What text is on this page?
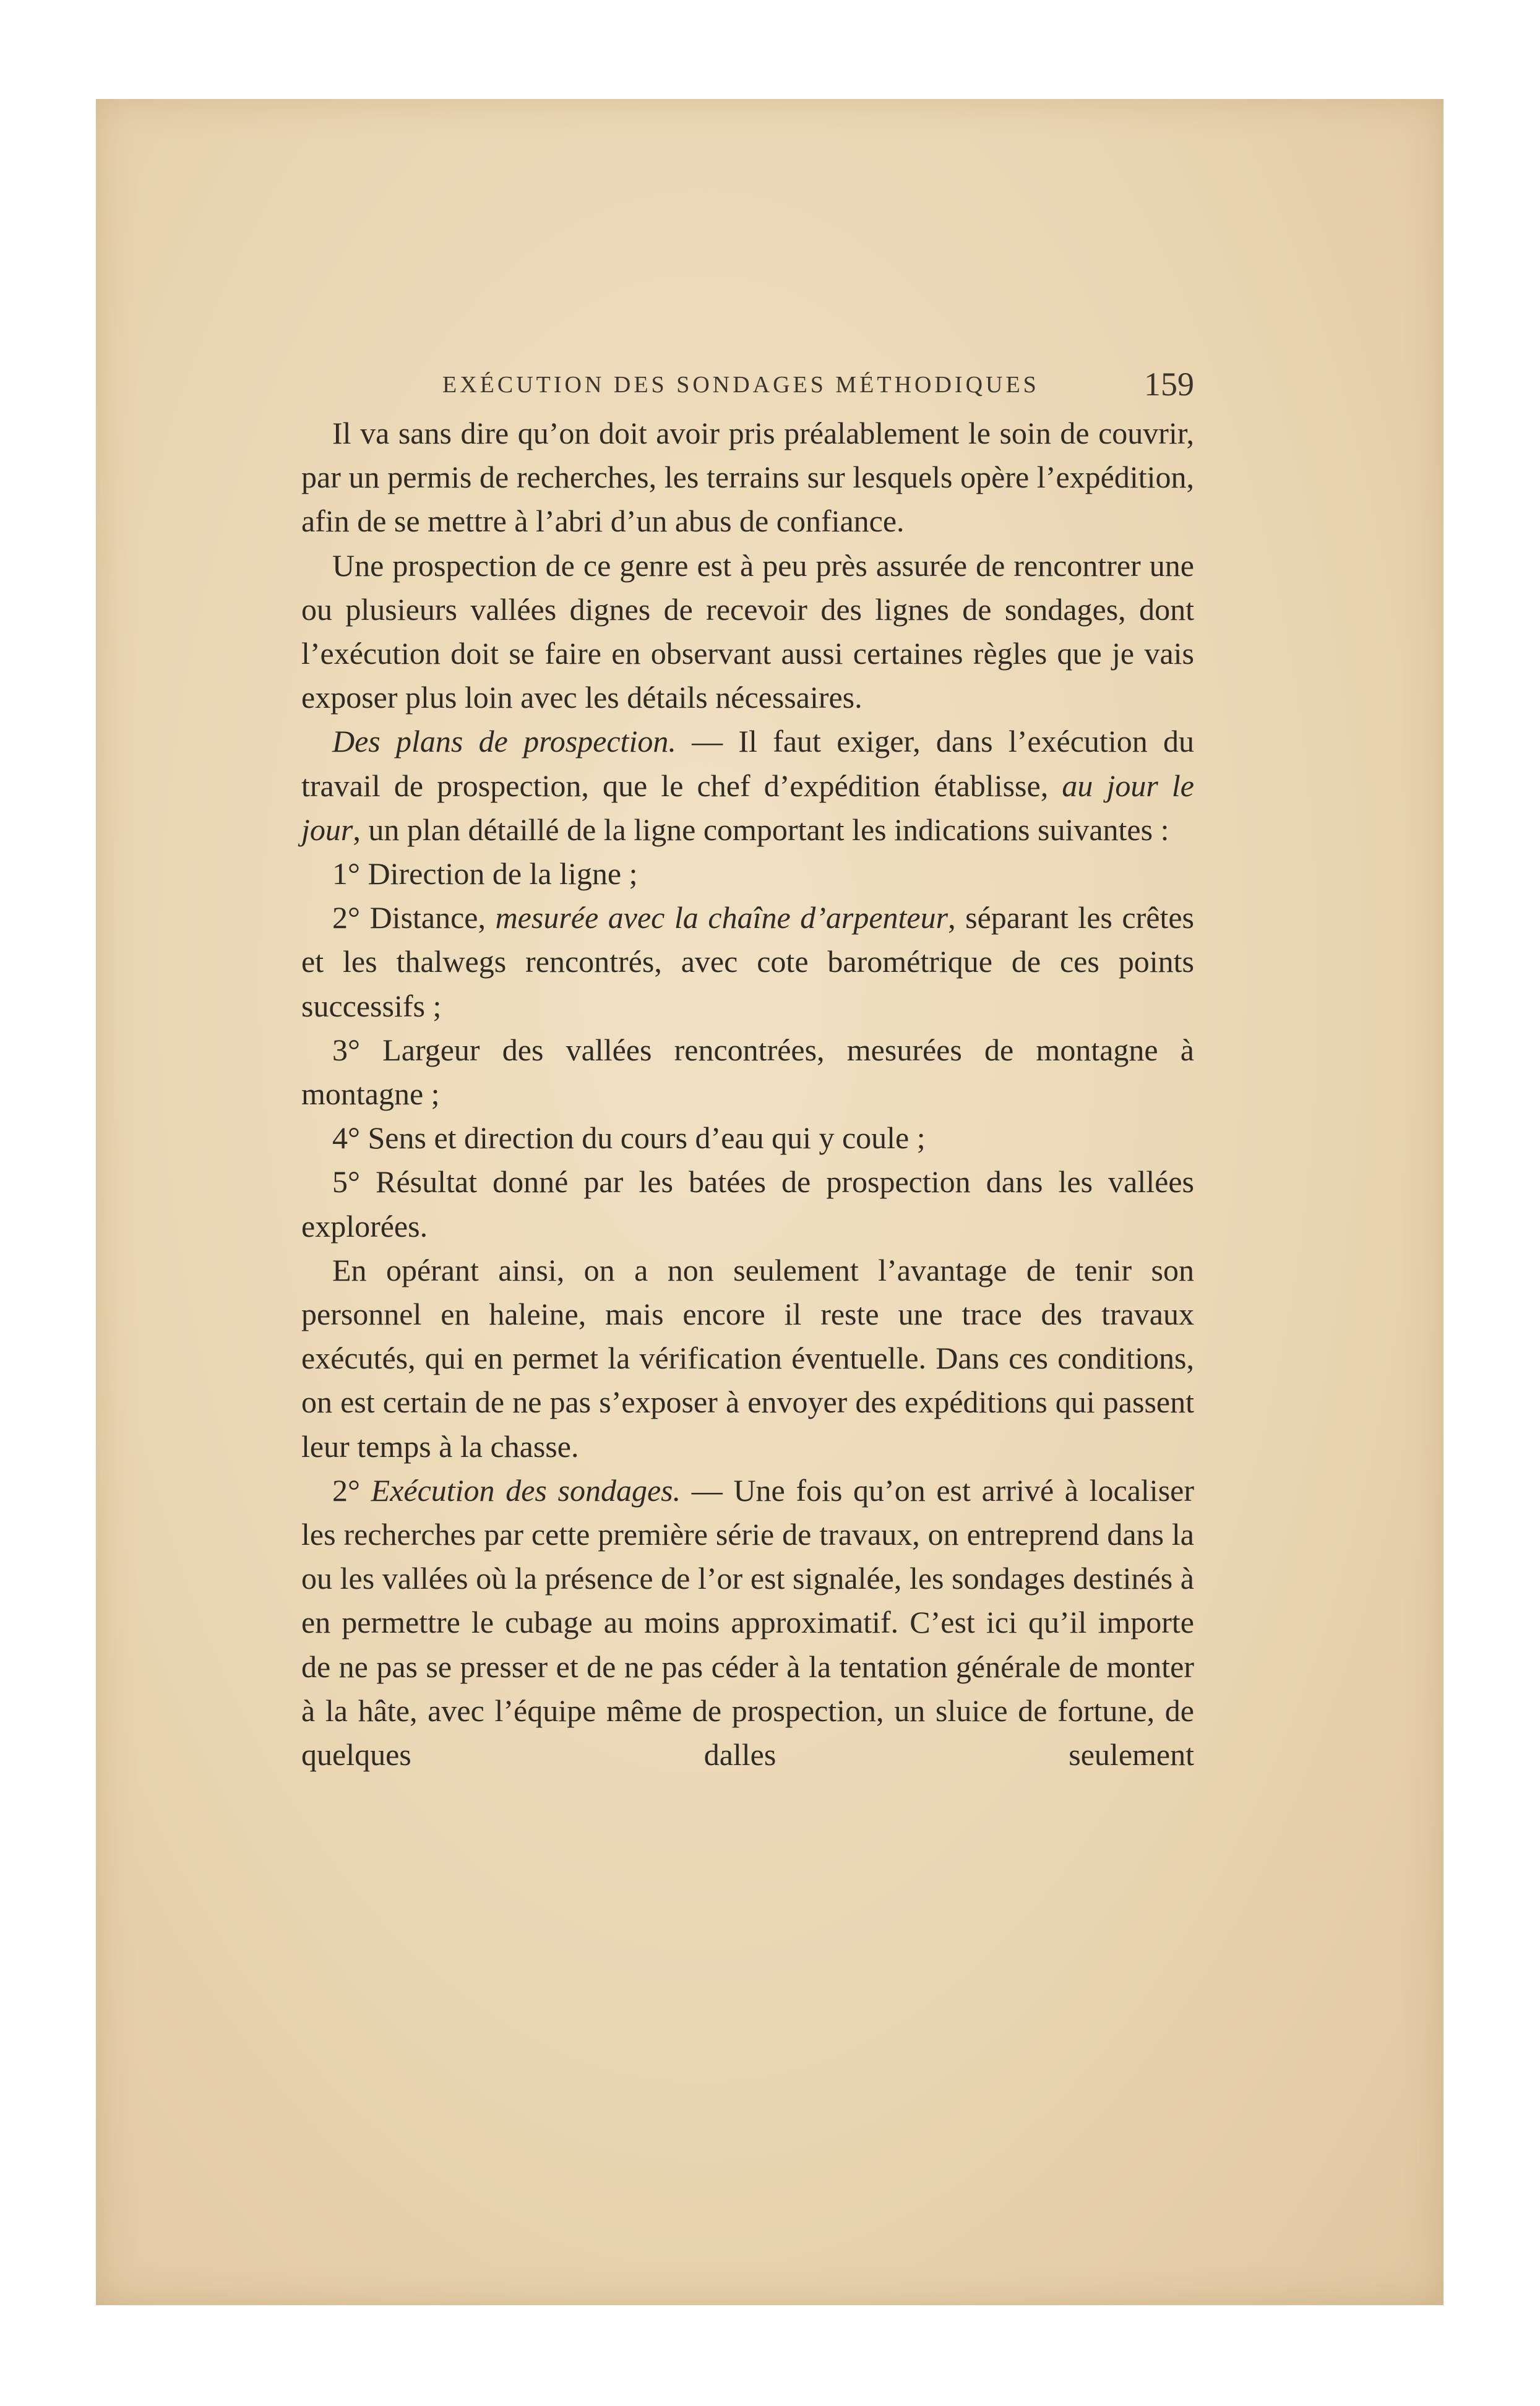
EXÉCUTION DES SONDAGES MÉTHODIQUES	159

Il va sans dire qu’on doit avoir pris préalablement le soin de couvrir, par un permis de recherches, les terrains sur lesquels opère l’expédition, afin de se mettre à l’abri d’un abus de confiance.

Une prospection de ce genre est à peu près assurée de rencontrer une ou plusieurs vallées dignes de recevoir des lignes de sondages, dont l’exécution doit se faire en observant aussi certaines règles que je vais exposer plus loin avec les détails nécessaires.

Des plans de prospection. — Il faut exiger, dans l’exécution du travail de prospection, que le chef d’expédition établisse, au jour le jour, un plan détaillé de la ligne comportant les indications suivantes :

1° Direction de la ligne ;

2° Distance, mesurée avec la chaîne d’arpenteur, séparant les crêtes et les thalwegs rencontrés, avec cote barométrique de ces points successifs ;

3° Largeur des vallées rencontrées, mesurées de montagne à montagne ;

4° Sens et direction du cours d’eau qui y coule ;

5° Résultat donné par les batées de prospection dans les vallées explorées.

En opérant ainsi, on a non seulement l’avantage de tenir son personnel en haleine, mais encore il reste une trace des travaux exécutés, qui en permet la vérification éventuelle. Dans ces conditions, on est certain de ne pas s’exposer à envoyer des expéditions qui passent leur temps à la chasse.

2° Exécution des sondages. — Une fois qu’on est arrivé à localiser les recherches par cette première série de travaux, on entreprend dans la ou les vallées où la présence de l’or est signalée, les sondages destinés à en permettre le cubage au moins approximatif. C’est ici qu’il importe de ne pas se presser et de ne pas céder à la tentation générale de monter à la hâte, avec l’équipe même de prospection, un sluice de fortune, de quelques dalles seulement
